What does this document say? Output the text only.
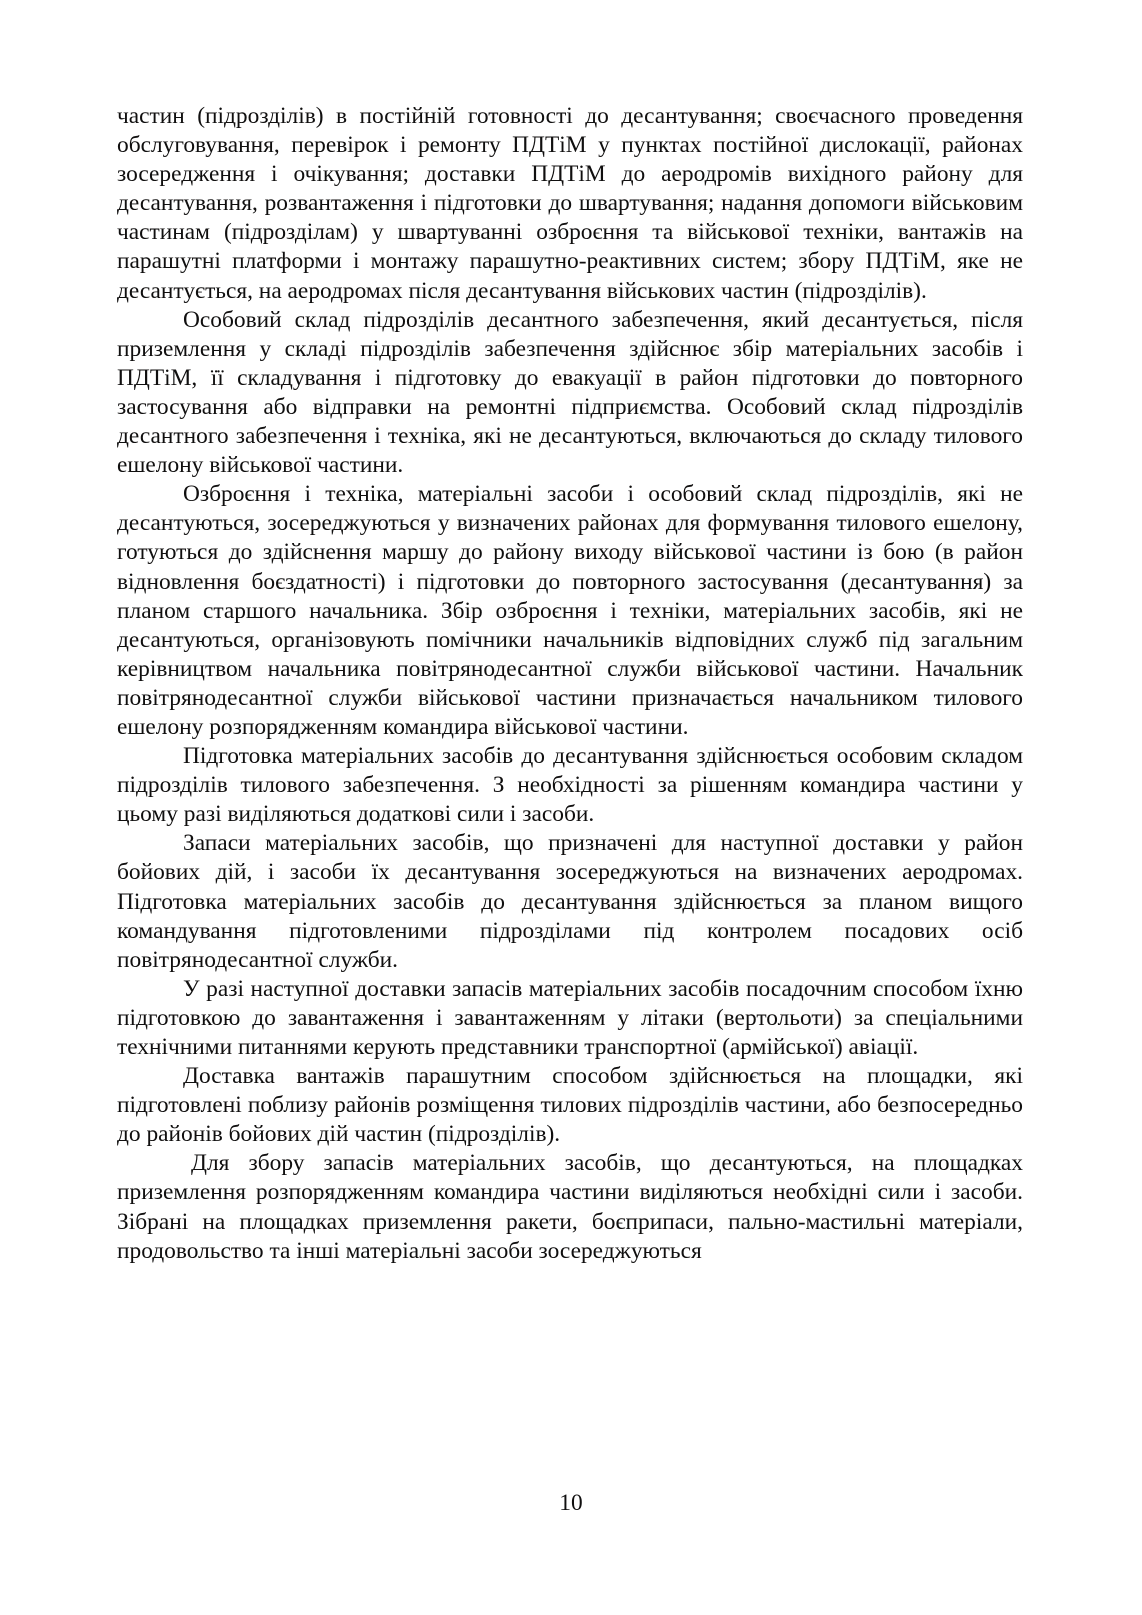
частин (підрозділів) в постійній готовності до десантування; своєчасного проведення обслуговування, перевірок і ремонту ПДТіМ у пунктах постійної дислокації, районах зосередження і очікування; доставки ПДТіМ до аеродромів вихідного району для десантування, розвантаження і підготовки до швартування; надання допомоги військовим частинам (підрозділам) у швартуванні озброєння та військової техніки, вантажів на парашутні платформи і монтажу парашутно-реактивних систем; збору ПДТіМ, яке не десантується, на аеродромах після десантування військових частин (підрозділів).

Особовий склад підрозділів десантного забезпечення, який десантується, після приземлення у складі підрозділів забезпечення здійснює збір матеріальних засобів і ПДТіМ, її складування і підготовку до евакуації в район підготовки до повторного застосування або відправки на ремонтні підприємства. Особовий склад підрозділів десантного забезпечення і техніка, які не десантуються, включаються до складу тилового ешелону військової частини.

Озброєння і техніка, матеріальні засоби і особовий склад підрозділів, які не десантуються, зосереджуються у визначених районах для формування тилового ешелону, готуються до здійснення маршу до району виходу військової частини із бою (в район відновлення боєздатності) і підготовки до повторного застосування (десантування) за планом старшого начальника. Збір озброєння і техніки, матеріальних засобів, які не десантуються, організовують помічники начальників відповідних служб під загальним керівництвом начальника повітрянодесантної служби військової частини. Начальник повітрянодесантної служби військової частини призначається начальником тилового ешелону розпорядженням командира військової частини.

Підготовка матеріальних засобів до десантування здійснюється особовим складом підрозділів тилового забезпечення. З необхідності за рішенням командира частини у цьому разі виділяються додаткові сили і засоби.

Запаси матеріальних засобів, що призначені для наступної доставки у район бойових дій, і засоби їх десантування зосереджуються на визначених аеродромах. Підготовка матеріальних засобів до десантування здійснюється за планом вищого командування підготовленими підрозділами під контролем посадових осіб повітрянодесантної служби.

У разі наступної доставки запасів матеріальних засобів посадочним способом їхню підготовкою до завантаження і завантаженням у літаки (вертольоти) за спеціальними технічними питаннями керують представники транспортної (армійської) авіації.

Доставка вантажів парашутним способом здійснюється на площадки, які підготовлені поблизу районів розміщення тилових підрозділів частини, або безпосередньо до районів бойових дій частин (підрозділів).

Для збору запасів матеріальних засобів, що десантуються, на площадках приземлення розпорядженням командира частини виділяються необхідні сили і засоби. Зібрані на площадках приземлення ракети, боєприпаси, пально-мастильні матеріали, продовольство та інші матеріальні засоби зосереджуються

10
